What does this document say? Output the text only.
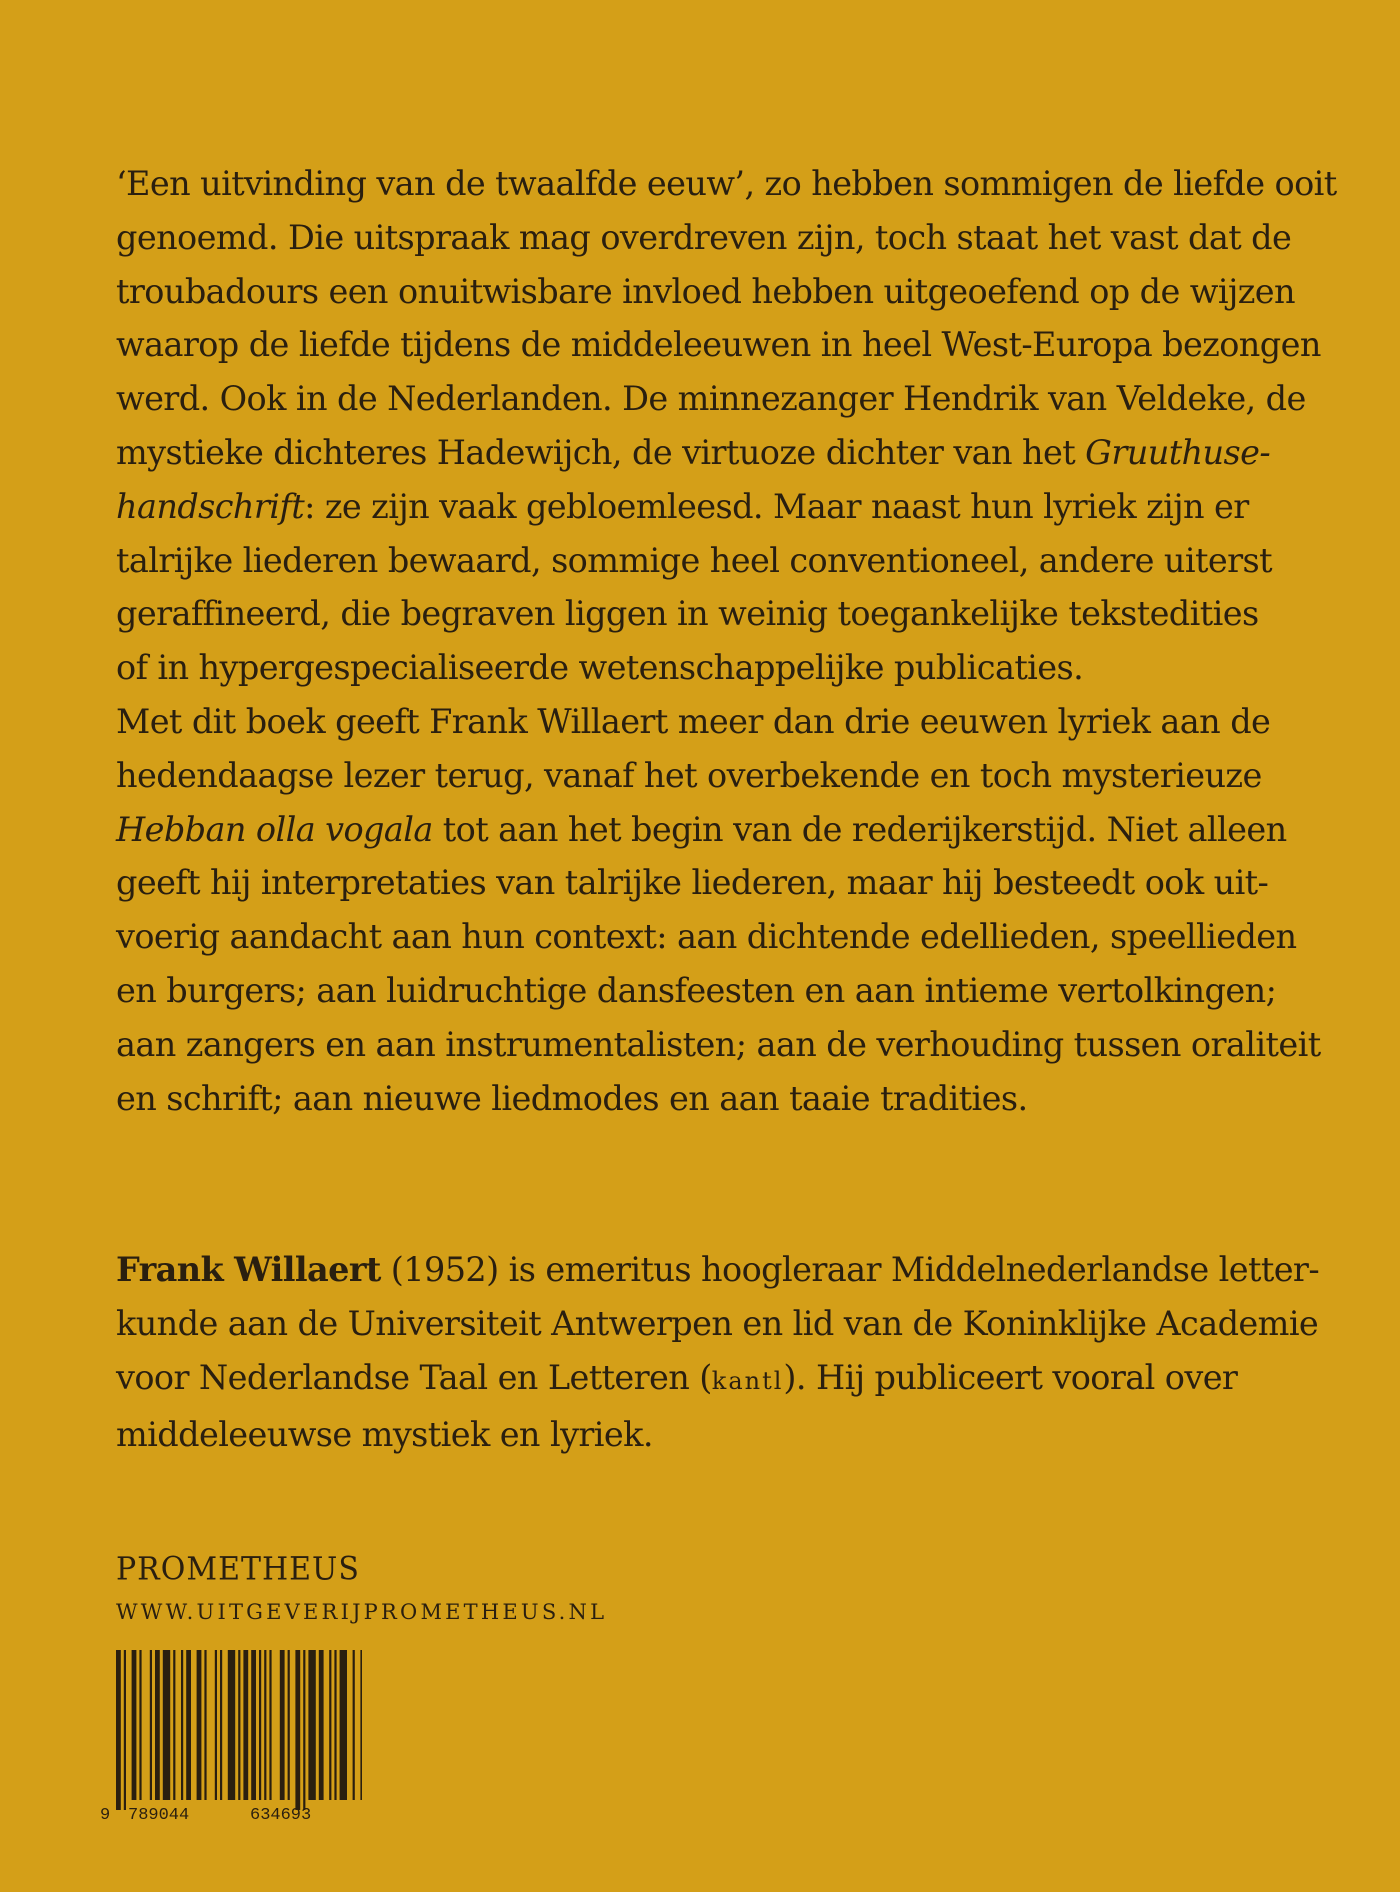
‘Een uitvinding van de twaalfde eeuw’, zo hebben sommigen de liefde ooit
genoemd. Die uitspraak mag overdreven zijn, toch staat het vast dat de
troubadours een onuitwisbare invloed hebben uitgeoefend op de wijzen
waarop de liefde tijdens de middeleeuwen in heel West-Europa bezongen
werd. Ook in de Nederlanden. De minnezanger Hendrik van Veldeke, de
mystieke dichteres Hadewijch, de virtuoze dichter van het Gruuthuse-
handschrift: ze zijn vaak gebloemleesd. Maar naast hun lyriek zijn er
talrijke liederen bewaard, sommige heel conventioneel, andere uiterst
geraffineerd, die begraven liggen in weinig toegankelijke tekstedities
of in hypergespecialiseerde wetenschappelijke publicaties.
Met dit boek geeft Frank Willaert meer dan drie eeuwen lyriek aan de
hedendaagse lezer terug, vanaf het overbekende en toch mysterieuze
Hebban olla vogala tot aan het begin van de rederijkerstijd. Niet alleen
geeft hij interpretaties van talrijke liederen, maar hij besteedt ook uit-
voerig aandacht aan hun context: aan dichtende edellieden, speellieden
en burgers; aan luidruchtige dansfeesten en aan intieme vertolkingen;
aan zangers en aan instrumentalisten; aan de verhouding tussen oraliteit
en schrift; aan nieuwe liedmodes en aan taaie tradities.
Frank Willaert (1952) is emeritus hoogleraar Middelnederlandse letter-
kunde aan de Universiteit Antwerpen en lid van de Koninklijke Academie
voor Nederlandse Taal en Letteren (kantl). Hij publiceert vooral over
middeleeuwse mystiek en lyriek.
PROMETHEUS
WWW.UITGEVERIJPROMETHEUS.NL
9 789044	634693
